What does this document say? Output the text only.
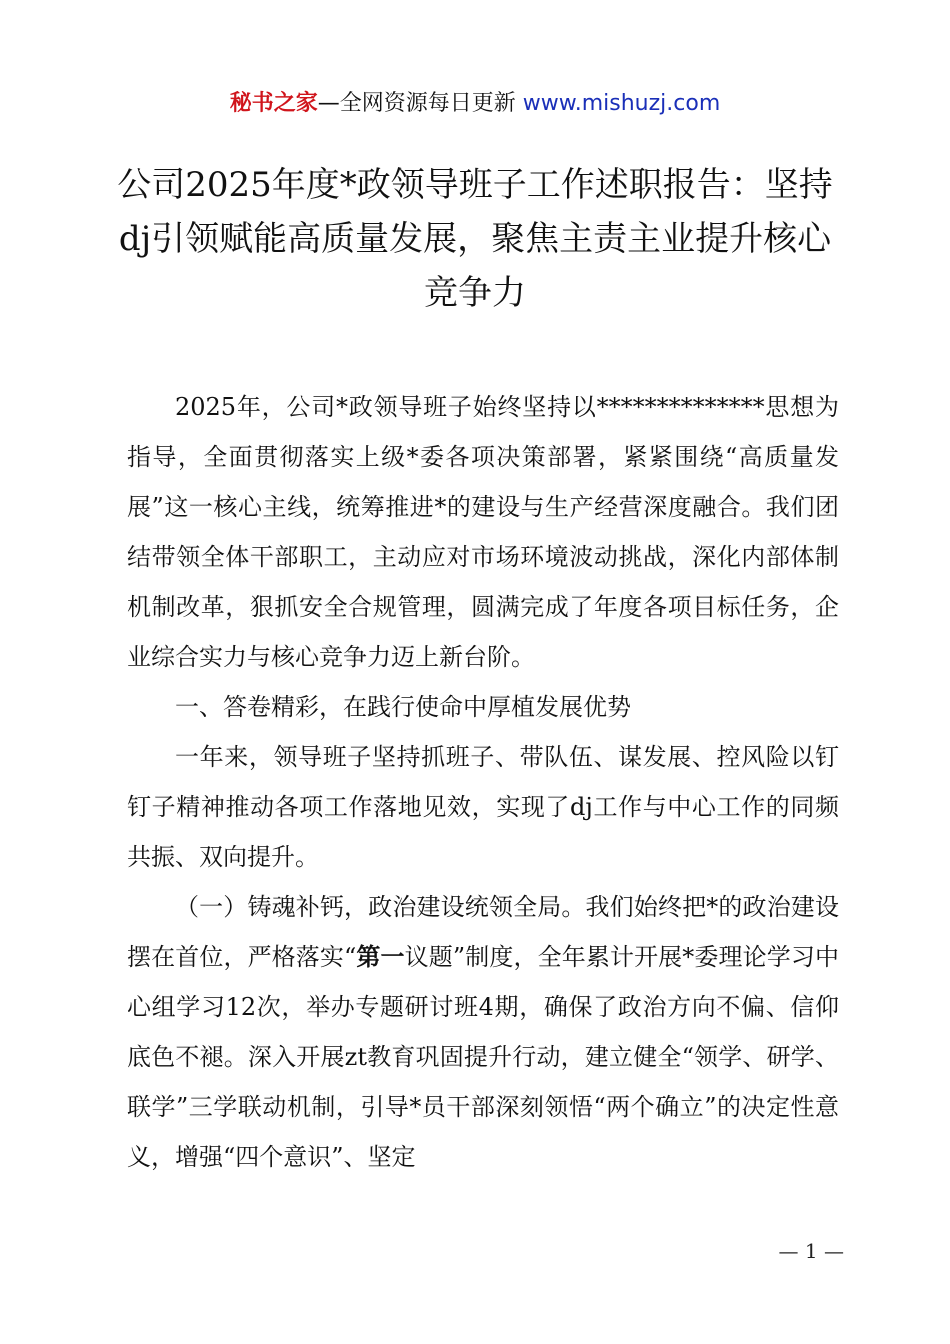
秘书之家—全网资源每日更新 www.mishuzj.com
公司2025年度*政领导班子工作述职报告：坚持dj引领赋能高质量发展，聚焦主责主业提升核心竞争力

2025年，公司*政领导班子始终坚持以**************思想为指导，全面贯彻落实上级*委各项决策部署，紧紧围绕“高质量发展”这一核心主线，统筹推进*的建设与生产经营深度融合。我们团结带领全体干部职工，主动应对市场环境波动挑战，深化内部体制机制改革，狠抓安全合规管理，圆满完成了年度各项目标任务，企业综合实力与核心竞争力迈上新台阶。

一、答卷精彩，在践行使命中厚植发展优势

一年来，领导班子坚持抓班子、带队伍、谋发展、控风险以钉钉子精神推动各项工作落地见效，实现了dj工作与中心工作的同频共振、双向提升。

（一）铸魂补钙，政治建设统领全局。我们始终把*的政治建设摆在首位，严格落实“第一议题”制度，全年累计开展*委理论学习中心组学习12次，举办专题研讨班4期，确保了政治方向不偏、信仰底色不褪。深入开展zt教育巩固提升行动，建立健全“领学、研学、联学”三学联动机制，引导*员干部深刻领悟“两个确立”的决定性意义，增强“四个意识”、坚定

— 1 —
